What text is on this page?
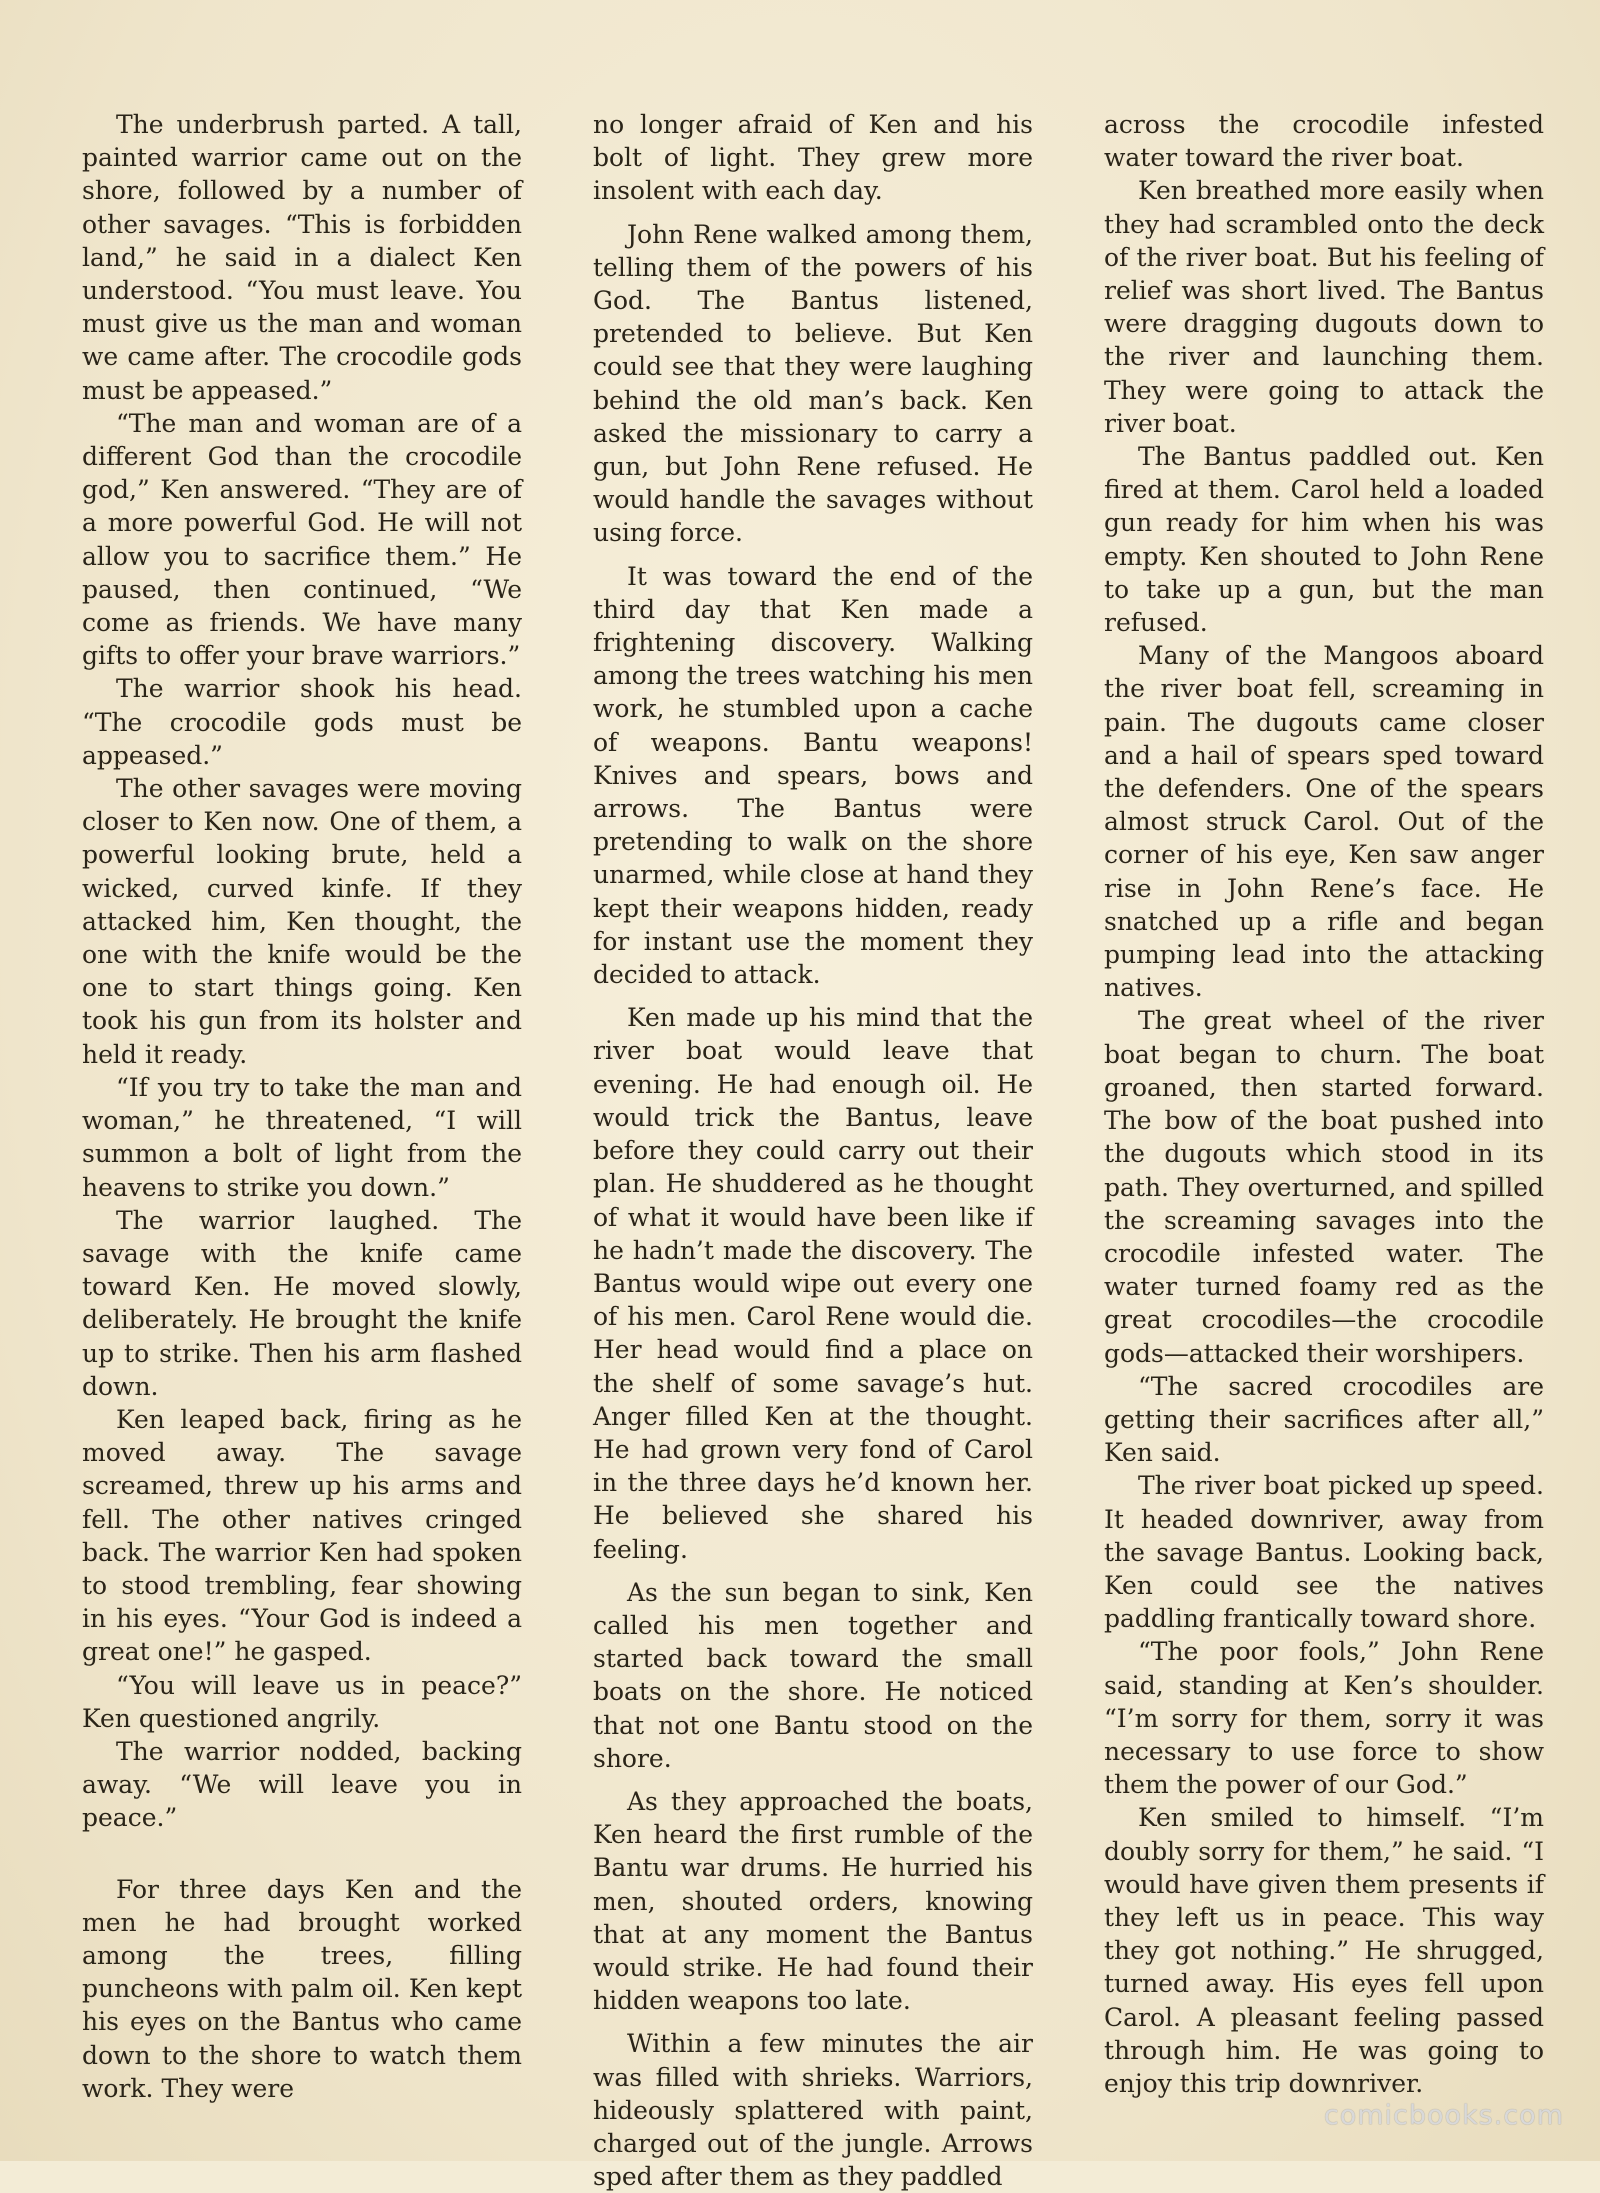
The underbrush parted. A tall, painted warrior came out on the shore, followed by a number of other savages. “This is forbidden land,” he said in a dialect Ken understood. “You must leave. You must give us the man and woman we came after. The crocodile gods must be appeased.”

“The man and woman are of a different God than the crocodile god,” Ken answered. “They are of a more powerful God. He will not allow you to sacrifice them.” He paused, then continued, “We come as friends. We have many gifts to offer your brave warriors.”

The warrior shook his head. “The crocodile gods must be appeased.”

The other savages were moving closer to Ken now. One of them, a powerful looking brute, held a wicked, curved kinfe. If they attacked him, Ken thought, the one with the knife would be the one to start things going. Ken took his gun from its holster and held it ready.

“If you try to take the man and woman,” he threatened, “I will summon a bolt of light from the heavens to strike you down.”

The warrior laughed. The savage with the knife came toward Ken. He moved slowly, deliberately. He brought the knife up to strike. Then his arm flashed down.

Ken leaped back, firing as he moved away. The savage screamed, threw up his arms and fell. The other natives cringed back. The warrior Ken had spoken to stood trembling, fear showing in his eyes. “Your God is indeed a great one!” he gasped.

“You will leave us in peace?” Ken questioned angrily.

The warrior nodded, backing away. “We will leave you in peace.”

For three days Ken and the men he had brought worked among the trees, filling puncheons with palm oil. Ken kept his eyes on the Bantus who came down to the shore to watch them work. They were

no longer afraid of Ken and his bolt of light. They grew more insolent with each day.

John Rene walked among them, telling them of the powers of his God. The Bantus listened, pretended to believe. But Ken could see that they were laughing behind the old man’s back. Ken asked the missionary to carry a gun, but John Rene refused. He would handle the savages without using force.

It was toward the end of the third day that Ken made a frightening discovery. Walking among the trees watching his men work, he stumbled upon a cache of weapons. Bantu weapons! Knives and spears, bows and arrows. The Bantus were pretending to walk on the shore unarmed, while close at hand they kept their weapons hidden, ready for instant use the moment they decided to attack.

Ken made up his mind that the river boat would leave that evening. He had enough oil. He would trick the Bantus, leave before they could carry out their plan. He shuddered as he thought of what it would have been like if he hadn’t made the discovery. The Bantus would wipe out every one of his men. Carol Rene would die. Her head would find a place on the shelf of some savage’s hut. Anger filled Ken at the thought. He had grown very fond of Carol in the three days he’d known her. He believed she shared his feeling.

As the sun began to sink, Ken called his men together and started back toward the small boats on the shore. He noticed that not one Bantu stood on the shore.

As they approached the boats, Ken heard the first rumble of the Bantu war drums. He hurried his men, shouted orders, knowing that at any moment the Bantus would strike. He had found their hidden weapons too late.

Within a few minutes the air was filled with shrieks. Warriors, hideously splattered with paint, charged out of the jungle. Arrows sped after them as they paddled

across the crocodile infested water toward the river boat.

Ken breathed more easily when they had scrambled onto the deck of the river boat. But his feeling of relief was short lived. The Bantus were dragging dugouts down to the river and launching them. They were going to attack the river boat.

The Bantus paddled out. Ken fired at them. Carol held a loaded gun ready for him when his was empty. Ken shouted to John Rene to take up a gun, but the man refused.

Many of the Mangoos aboard the river boat fell, screaming in pain. The dugouts came closer and a hail of spears sped toward the defenders. One of the spears almost struck Carol. Out of the corner of his eye, Ken saw anger rise in John Rene’s face. He snatched up a rifle and began pumping lead into the attacking natives.

The great wheel of the river boat began to churn. The boat groaned, then started forward. The bow of the boat pushed into the dugouts which stood in its path. They overturned, and spilled the screaming savages into the crocodile infested water. The water turned foamy red as the great crocodiles—the crocodile gods—attacked their worshipers.

“The sacred crocodiles are getting their sacrifices after all,” Ken said.

The river boat picked up speed. It headed downriver, away from the savage Bantus. Looking back, Ken could see the natives paddling frantically toward shore.

“The poor fools,” John Rene said, standing at Ken’s shoulder. “I’m sorry for them, sorry it was necessary to use force to show them the power of our God.”

Ken smiled to himself. “I’m doubly sorry for them,” he said. “I would have given them presents if they left us in peace. This way they got nothing.” He shrugged, turned away. His eyes fell upon Carol. A pleasant feeling passed through him. He was going to enjoy this trip downriver.

comicbooks.com
